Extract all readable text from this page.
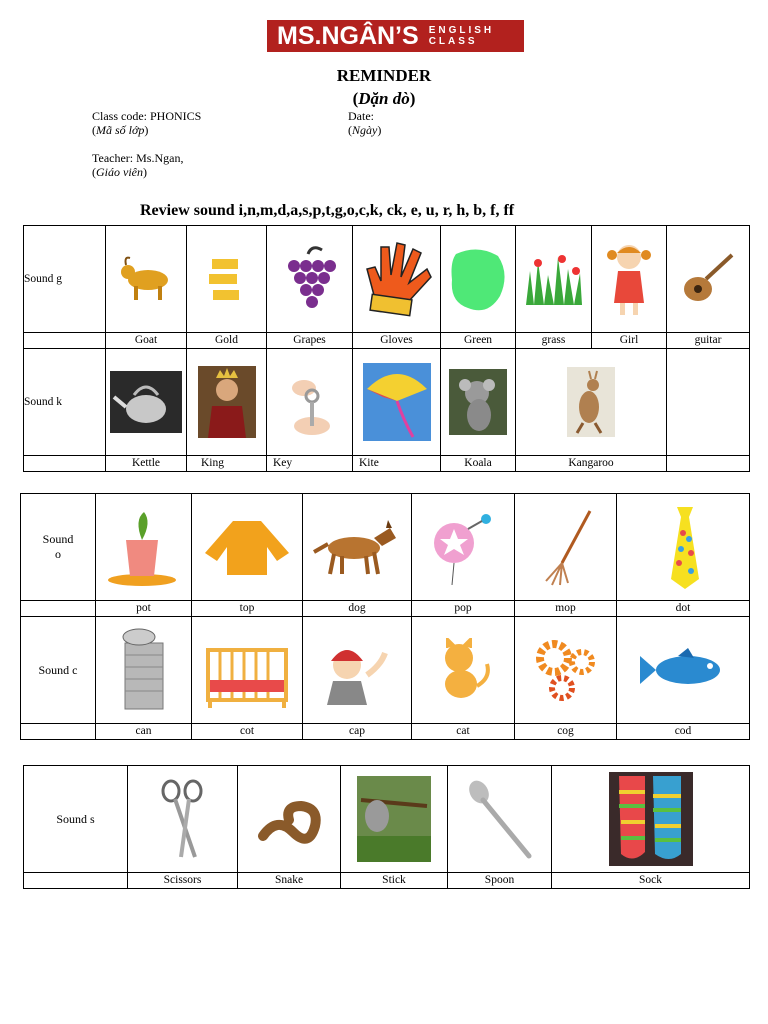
MS.NGÂN’S ENGLISH
CLASS
REMINDER
(Dặn dò)
Class code: PHONICS
(Mã số lớp)
Date:
(Ngày)
Teacher: Ms.Ngan,
(Giáo viên)
Review sound i,n,m,d,a,s,p,t,g,o,c,k, ck, e, u, r, h, b, f, ff
Sound g	

	Goat	Gold	Grapes	Gloves	Green	grass	Girl	guitar
Sound k	

	Kettle	King	Key	Kite	Koala	Kangaroo		
Sound
o

	pot	top	dog	pop	mop	dot
Sound c	

	can	cot	cap	cat	cog	cod
Sound s	

	Scissors	Snake	Stick	Spoon	Sock
